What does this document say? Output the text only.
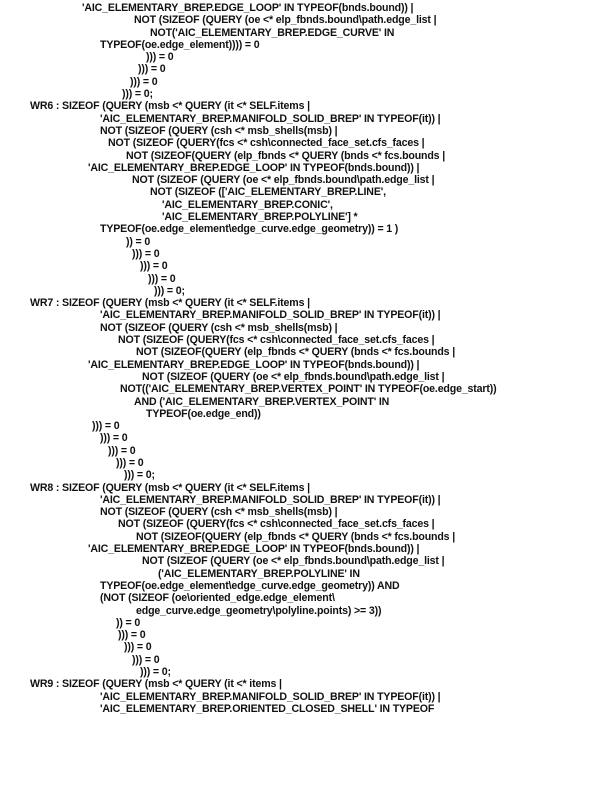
'AIC_ELEMENTARY_BREP.EDGE_LOOP' IN TYPEOF(bnds.bound)) |
NOT (SIZEOF (QUERY (oe <* elp_fbnds.bound\path.edge_list |
NOT('AIC_ELEMENTARY_BREP.EDGE_CURVE' IN
TYPEOF(oe.edge_element)))) = 0
))) = 0
))) = 0
))) = 0
))) = 0;
WR6 : SIZEOF (QUERY (msb <* QUERY (it <* SELF.items |
'AIC_ELEMENTARY_BREP.MANIFOLD_SOLID_BREP' IN TYPEOF(it)) |
NOT (SIZEOF (QUERY (csh <* msb_shells(msb) |
NOT (SIZEOF (QUERY(fcs <* csh\connected_face_set.cfs_faces |
NOT (SIZEOF(QUERY (elp_fbnds <* QUERY (bnds <* fcs.bounds |
'AIC_ELEMENTARY_BREP.EDGE_LOOP' IN TYPEOF(bnds.bound)) |
NOT (SIZEOF (QUERY (oe <* elp_fbnds.bound\path.edge_list |
NOT (SIZEOF (['AIC_ELEMENTARY_BREP.LINE',
'AIC_ELEMENTARY_BREP.CONIC',
'AIC_ELEMENTARY_BREP.POLYLINE'] *
TYPEOF(oe.edge_element\edge_curve.edge_geometry)) = 1 )
)) = 0
))) = 0
))) = 0
))) = 0
))) = 0;
WR7 : SIZEOF (QUERY (msb <* QUERY (it <* SELF.items |
'AIC_ELEMENTARY_BREP.MANIFOLD_SOLID_BREP' IN TYPEOF(it)) |
NOT (SIZEOF (QUERY (csh <* msb_shells(msb) |
NOT (SIZEOF (QUERY(fcs <* csh\connected_face_set.cfs_faces |
NOT (SIZEOF(QUERY (elp_fbnds <* QUERY (bnds <* fcs.bounds |
'AIC_ELEMENTARY_BREP.EDGE_LOOP' IN TYPEOF(bnds.bound)) |
NOT (SIZEOF (QUERY (oe <* elp_fbnds.bound\path.edge_list |
NOT(('AIC_ELEMENTARY_BREP.VERTEX_POINT' IN TYPEOF(oe.edge_start))
AND ('AIC_ELEMENTARY_BREP.VERTEX_POINT' IN
TYPEOF(oe.edge_end))
))) = 0
))) = 0
))) = 0
))) = 0
))) = 0;
WR8 : SIZEOF (QUERY (msb <* QUERY (it <* SELF.items |
'AIC_ELEMENTARY_BREP.MANIFOLD_SOLID_BREP' IN TYPEOF(it)) |
NOT (SIZEOF (QUERY (csh <* msb_shells(msb) |
NOT (SIZEOF (QUERY(fcs <* csh\connected_face_set.cfs_faces |
NOT (SIZEOF(QUERY (elp_fbnds <* QUERY (bnds <* fcs.bounds |
'AIC_ELEMENTARY_BREP.EDGE_LOOP' IN TYPEOF(bnds.bound)) |
NOT (SIZEOF (QUERY (oe <* elp_fbnds.bound\path.edge_list |
('AIC_ELEMENTARY_BREP.POLYLINE' IN
TYPEOF(oe.edge_element\edge_curve.edge_geometry)) AND
(NOT (SIZEOF (oe\oriented_edge.edge_element\
edge_curve.edge_geometry\polyline.points) >= 3))
)) = 0
))) = 0
))) = 0
))) = 0
))) = 0;
WR9 : SIZEOF (QUERY (msb <* QUERY (it <* items |
'AIC_ELEMENTARY_BREP.MANIFOLD_SOLID_BREP' IN TYPEOF(it)) |
'AIC_ELEMENTARY_BREP.ORIENTED_CLOSED_SHELL' IN TYPEOF
